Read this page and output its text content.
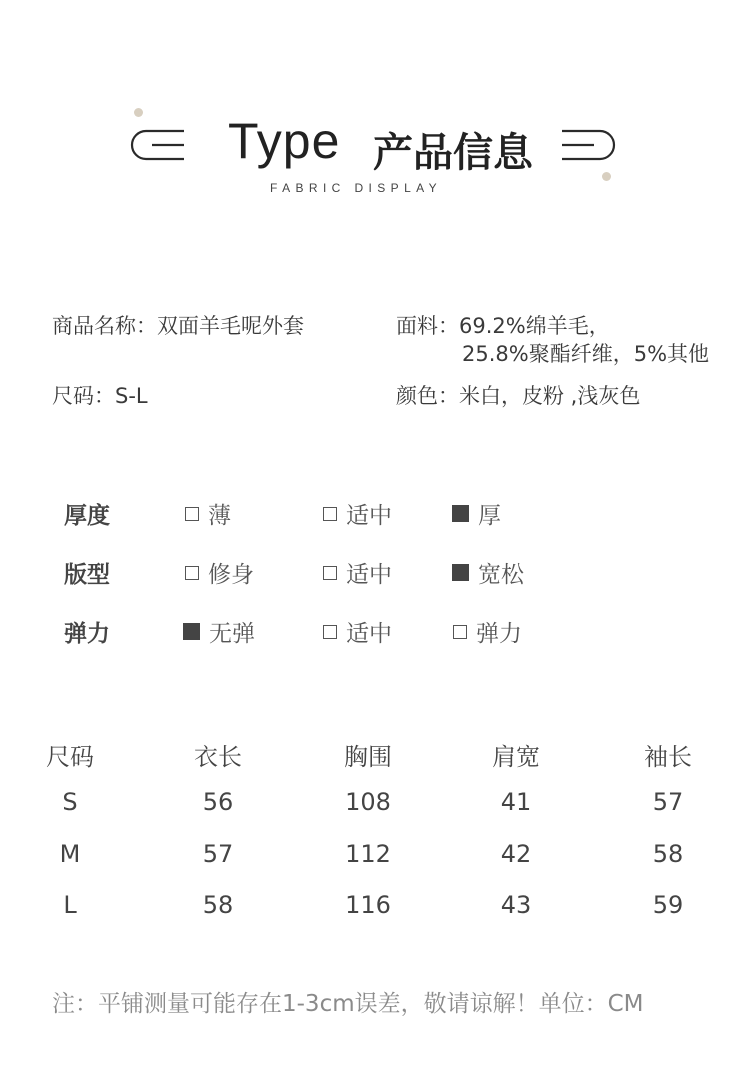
Type 产品信息
FABRIC DISPLAY
商品名称：双面羊毛呢外套	面料：69.2%绵羊毛，
25.8%聚酯纤维，5%其他
尺码：S-L	颜色：米白，皮粉 ,浅灰色
厚度	薄	适中	厚
版型	修身	适中	宽松
弹力	无弹	适中	弹力
尺码	衣长	胸围	肩宽	袖长
S	56	108	41	57
M	57	112	42	58
L	58	116	43	59
注：平铺测量可能存在1-3cm误差，敬请谅解！单位：CM
